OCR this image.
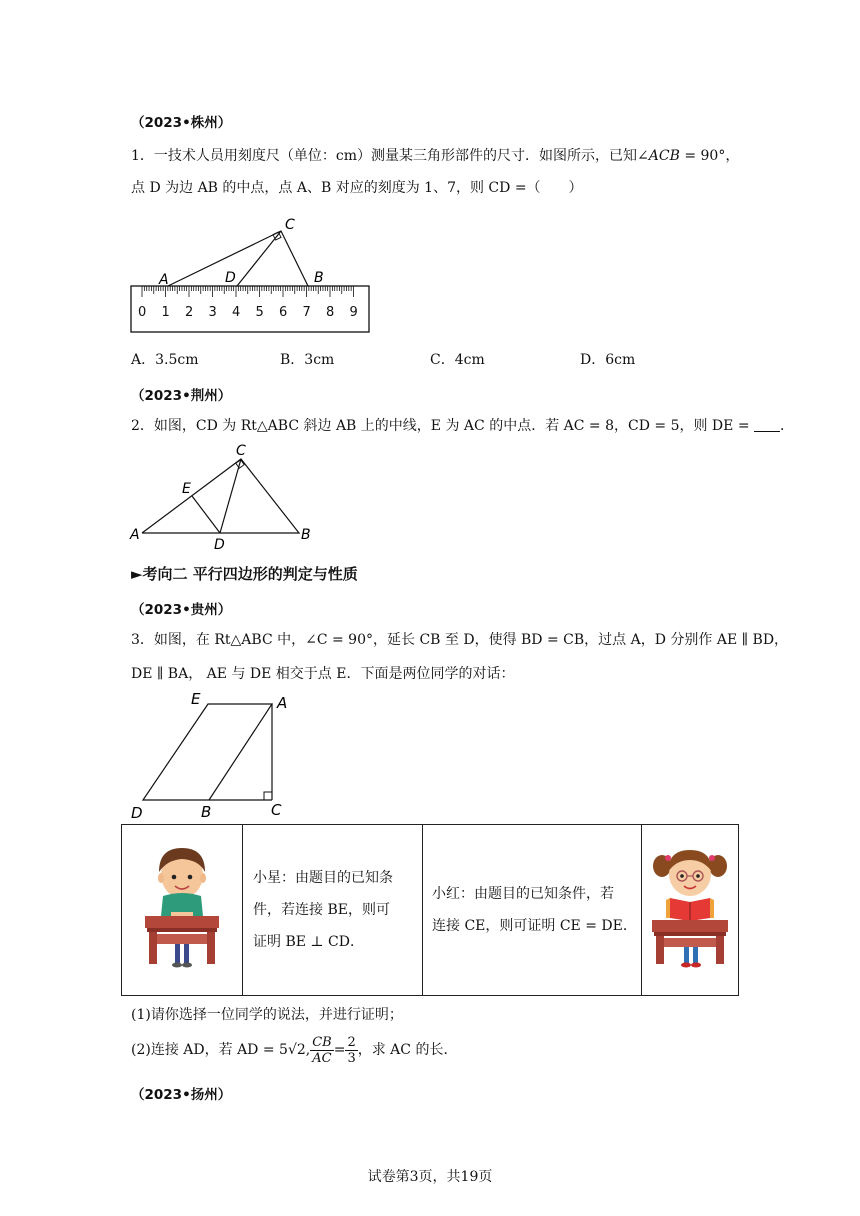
（2023•株州）
1．一技术人员用刻度尺（单位：cm）测量某三角形部件的尺寸．如图所示，已知∠ACB = 90°，
点 D 为边 AB 的中点，点 A、B 对应的刻度为 1、7，则 CD =（　　）
0 1 2 3 4 5 6 7 8 9
A	D	B
C
A．3.5cm	B．3cm	C．4cm	D．6cm
（2023•荆州）
2．如图，CD 为 Rt△ABC 斜边 AB 上的中线，E 为 AC 的中点．若 AC = 8，CD = 5，则 DE = ．
A	B
C
D
E
►考向二 平行四边形的判定与性质
（2023•贵州）
3．如图，在 Rt△ABC 中，∠C = 90°，延长 CB 至 D，使得 BD = CB，过点 A，D 分别作 AE ∥ BD，
DE ∥ BA， AE 与 DE 相交于点 E．下面是两位同学的对话：
E	A
D	B	C

小星：由题目的已知条
件，若连接 BE，则可
证明 BE ⊥ CD．

小红：由题目的已知条件，若
连接 CE，则可证明 CE = DE．

(1)请你选择一位同学的说法，并进行证明；
(2)连接 AD，若 AD = 5√2, $\frac{CB}{AC} = \frac{2}{3}$ ，求 AC 的长．
（2023•扬州）
试卷第3页，共19页
